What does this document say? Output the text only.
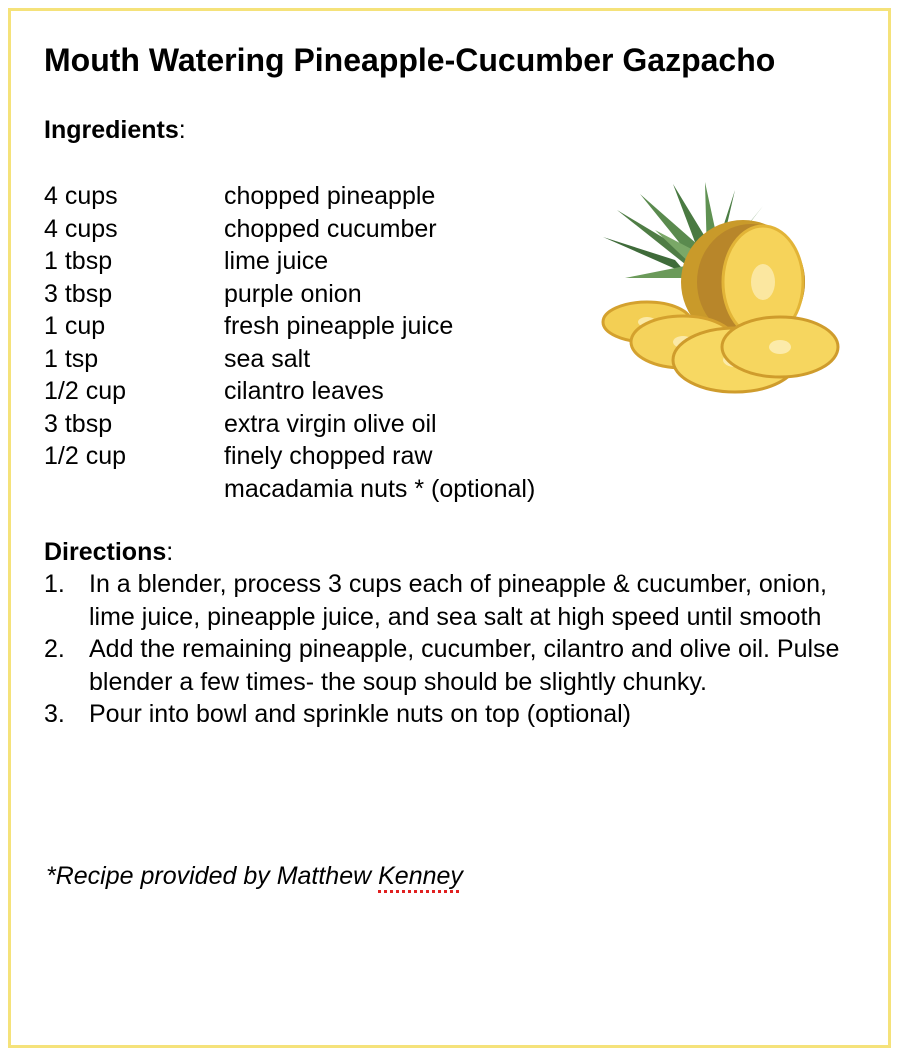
Mouth Watering Pineapple-Cucumber Gazpacho

Ingredients:

4 cups	chopped pineapple
4 cups	chopped cucumber
1 tbsp	lime juice
3 tbsp	purple onion
1 cup	fresh pineapple juice
1 tsp	sea salt
1/2 cup	cilantro leaves
3 tbsp	extra virgin olive oil
1/2 cup	finely chopped raw
macadamia nuts * (optional)

Directions:

1. In a blender, process 3 cups each of pineapple & cucumber, onion, lime juice, pineapple juice, and sea salt at high speed until smooth
2. Add the remaining pineapple, cucumber, cilantro and olive oil. Pulse blender a few times- the soup should be slightly chunky.
3. Pour into bowl and sprinkle nuts on top (optional)

*Recipe provided by Matthew Kenney
